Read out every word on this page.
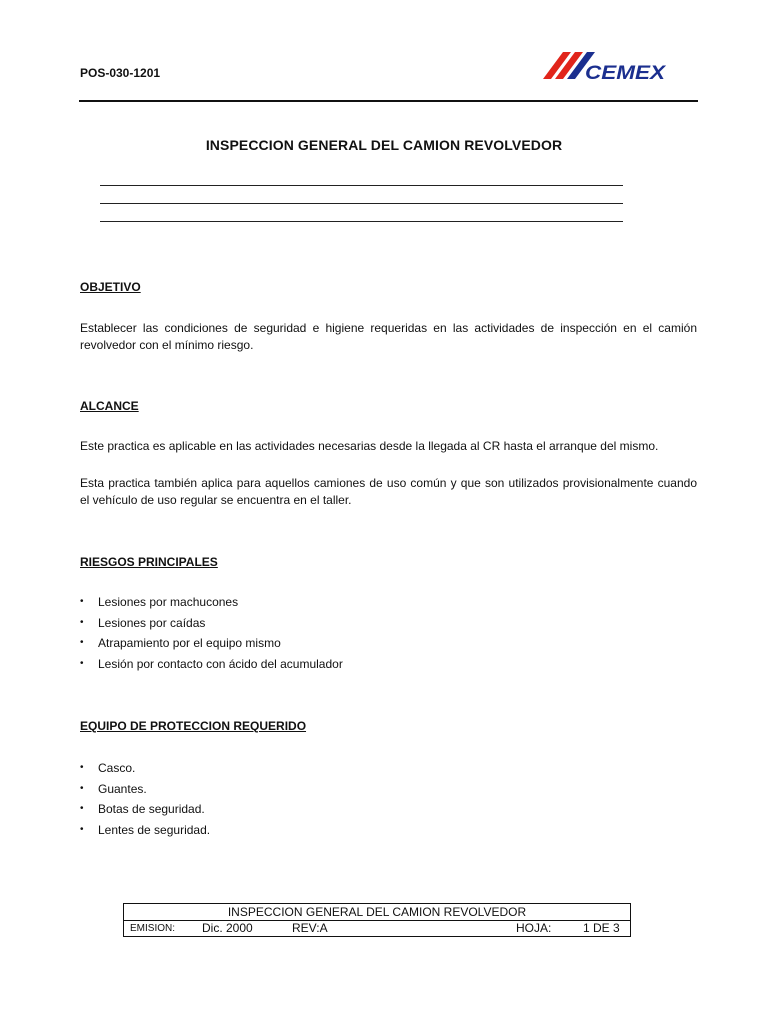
POS-030-1201	CEMEX
INSPECCION GENERAL DEL CAMION REVOLVEDOR
OBJETIVO
Establecer las condiciones de seguridad e higiene requeridas en las actividades de inspección en el camión revolvedor con el mínimo riesgo.
ALCANCE
Este practica es aplicable en las actividades necesarias desde la llegada al CR hasta el arranque del mismo.
Esta practica también aplica para aquellos camiones de uso común y que son utilizados provisionalmente cuando el vehículo de uso regular se encuentra en el taller.
RIESGOS PRINCIPALES
• Lesiones por machucones
• Lesiones por caídas
• Atrapamiento por el equipo mismo
• Lesión por contacto con ácido del acumulador
EQUIPO DE PROTECCION REQUERIDO
• Casco.
• Guantes.
• Botas de seguridad.
• Lentes de seguridad.
INSPECCION GENERAL DEL CAMION REVOLVEDOR
EMISION: Dic. 2000	REV:A	HOJA:	1 DE 3
